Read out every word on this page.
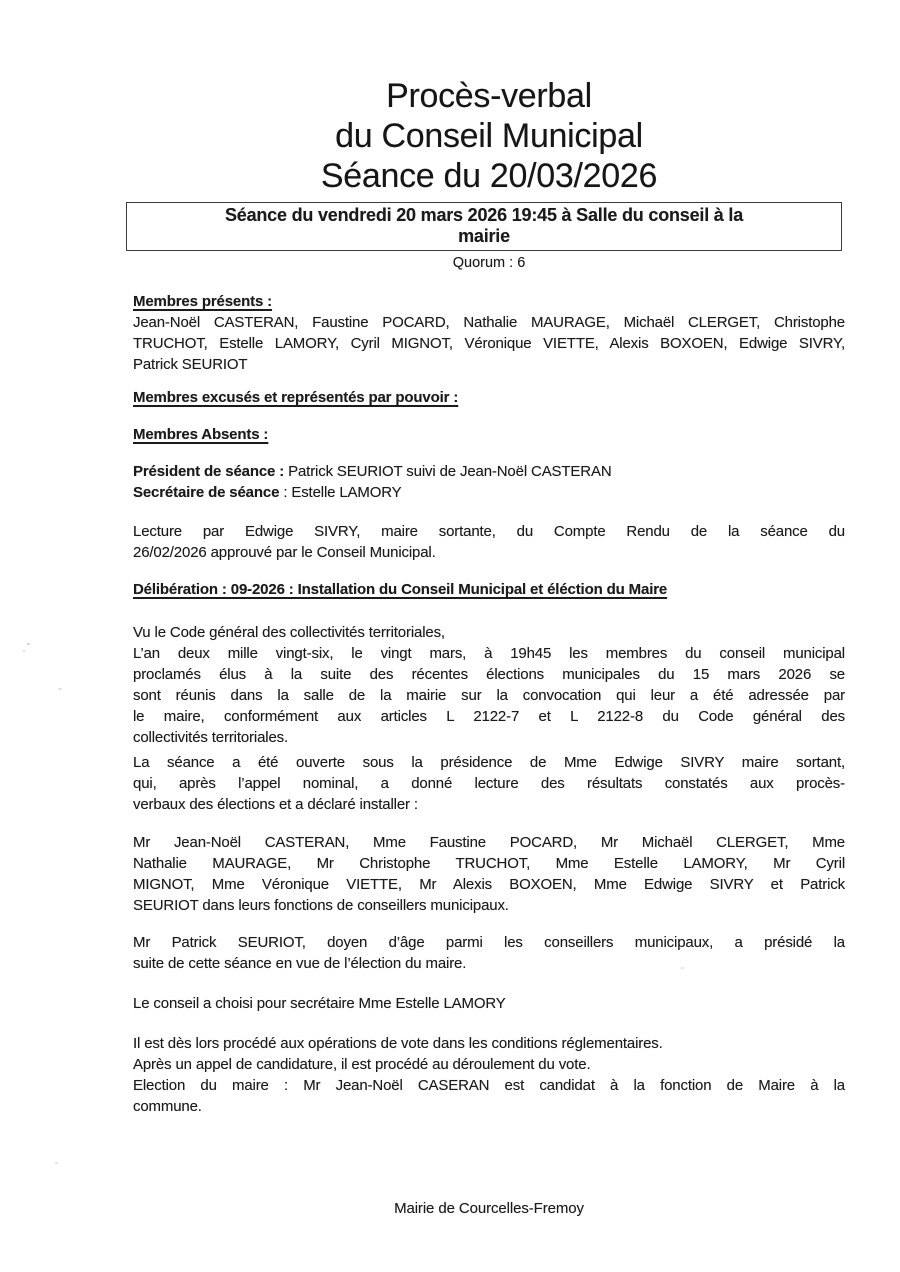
Procès-verbal
du Conseil Municipal
Séance du 20/03/2026
Séance du vendredi 20 mars 2026 19:45 à Salle du conseil à la
mairie
Quorum : 6
Membres présents :
Jean-Noël CASTERAN, Faustine POCARD, Nathalie MAURAGE, Michaël CLERGET, Christophe
TRUCHOT, Estelle LAMORY, Cyril MIGNOT, Véronique VIETTE, Alexis BOXOEN, Edwige SIVRY,
Patrick SEURIOT
Membres excusés et représentés par pouvoir :
Membres Absents :
Président de séance : Patrick SEURIOT suivi de Jean-Noël CASTERAN
Secrétaire de séance : Estelle LAMORY
Lecture par Edwige SIVRY, maire sortante, du Compte Rendu de la séance du
26/02/2026 approuvé par le Conseil Municipal.
Délibération : 09-2026 : Installation du Conseil Municipal et éléction du Maire
Vu le Code général des collectivités territoriales,
L’an deux mille vingt-six, le vingt mars, à 19h45 les membres du conseil municipal
proclamés élus à la suite des récentes élections municipales du 15 mars 2026 se
sont réunis dans la salle de la mairie sur la convocation qui leur a été adressée par
le maire, conformément aux articles L 2122-7 et L 2122-8 du Code général des
collectivités territoriales.
La séance a été ouverte sous la présidence de Mme Edwige SIVRY maire sortant,
qui, après l’appel nominal, a donné lecture des résultats constatés aux procès-
verbaux des élections et a déclaré installer :
Mr Jean-Noël CASTERAN, Mme Faustine POCARD, Mr Michaël CLERGET, Mme
Nathalie MAURAGE, Mr Christophe TRUCHOT, Mme Estelle LAMORY, Mr Cyril
MIGNOT, Mme Véronique VIETTE, Mr Alexis BOXOEN, Mme Edwige SIVRY et Patrick
SEURIOT dans leurs fonctions de conseillers municipaux.
Mr Patrick SEURIOT, doyen d’âge parmi les conseillers municipaux, a présidé la
suite de cette séance en vue de l’élection du maire.
Le conseil a choisi pour secrétaire Mme Estelle LAMORY
Il est dès lors procédé aux opérations de vote dans les conditions réglementaires.
Après un appel de candidature, il est procédé au déroulement du vote.
Election du maire : Mr Jean-Noël CASERAN est candidat à la fonction de Maire à la
commune.
Mairie de Courcelles-Fremoy
